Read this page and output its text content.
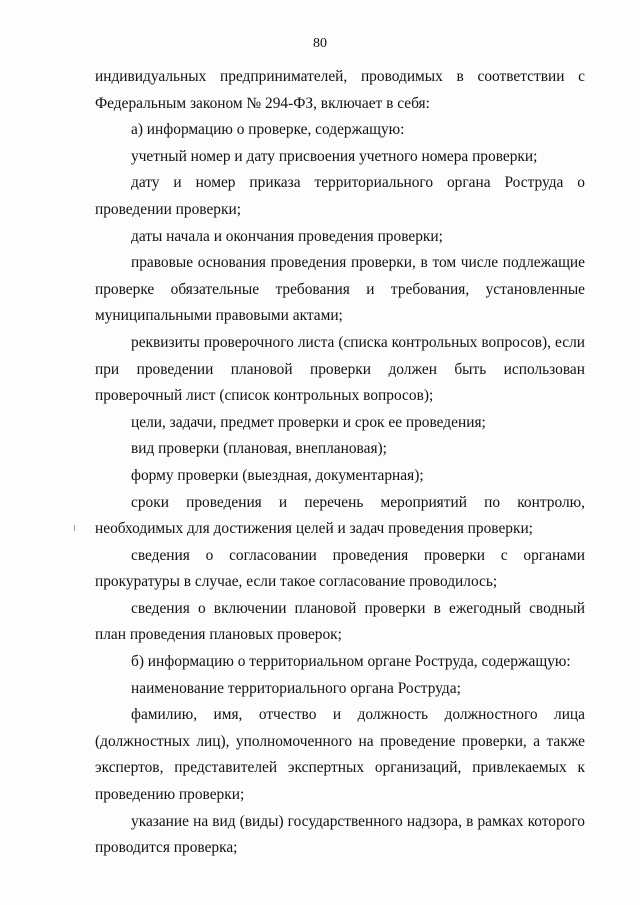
80

индивидуальных предпринимателей, проводимых в соответствии с Федеральным законом № 294-ФЗ, включает в себя:

а) информацию о проверке, содержащую:

учетный номер и дату присвоения учетного номера проверки;

дату и номер приказа территориального органа Роструда о проведении проверки;

даты начала и окончания проведения проверки;

правовые основания проведения проверки, в том числе подлежащие проверке обязательные требования и требования, установленные муниципальными правовыми актами;

реквизиты проверочного листа (списка контрольных вопросов), если при проведении плановой проверки должен быть использован проверочный лист (список контрольных вопросов);

цели, задачи, предмет проверки и срок ее проведения;

вид проверки (плановая, внеплановая);

форму проверки (выездная, документарная);

сроки проведения и перечень мероприятий по контролю, необходимых для достижения целей и задач проведения проверки;

сведения о согласовании проведения проверки с органами прокуратуры в случае, если такое согласование проводилось;

сведения о включении плановой проверки в ежегодный сводный план проведения плановых проверок;

б) информацию о территориальном органе Роструда, содержащую:

наименование территориального органа Роструда;

фамилию, имя, отчество и должность должностного лица (должностных лиц), уполномоченного на проведение проверки, а также экспертов, представителей экспертных организаций, привлекаемых к проведению проверки;

указание на вид (виды) государственного надзора, в рамках которого проводится проверка;
